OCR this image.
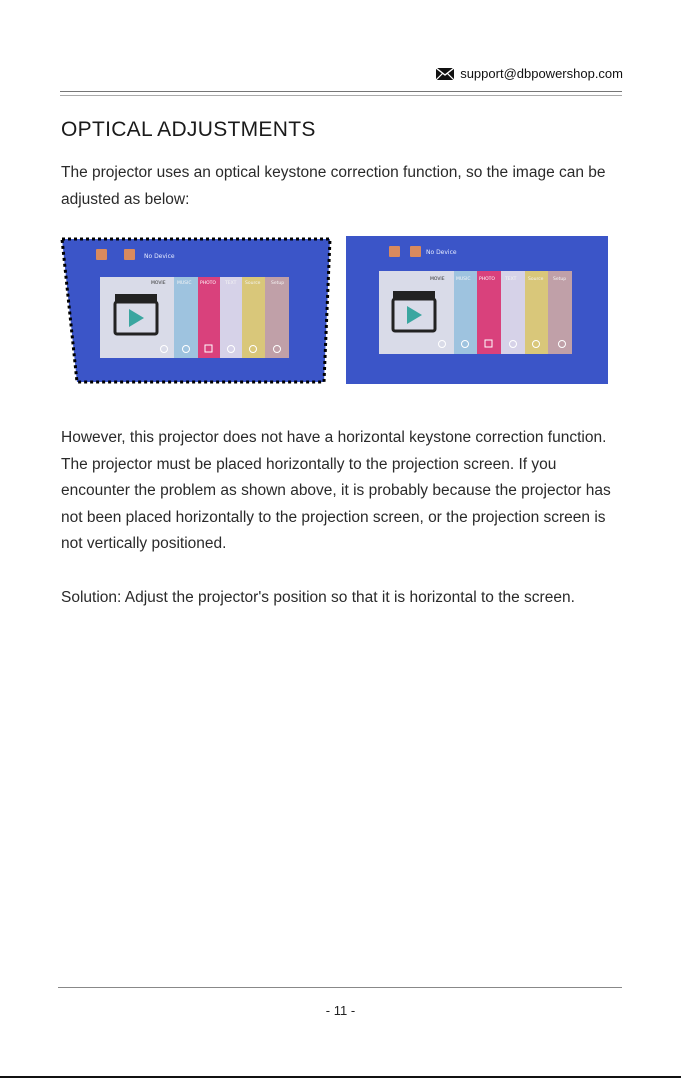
support@dbpowershop.com
OPTICAL ADJUSTMENTS

The projector uses an optical keystone correction function, so the image can be adjusted as below:

No Device
MOVIE	MUSIC PHOTO TEXT Source Setup
No Device
MOVIE	MUSIC PHOTO TEXT	Source Setup

However, this projector does not have a horizontal keystone correction function. The projector must be placed horizontally to the projection screen. If you encounter the problem as shown above, it is probably because the projector has not been placed horizontally to the projection screen, or the projection screen is not vertically positioned.

Solution: Adjust the projector's position so that it is horizontal to the screen.

- 11 -
